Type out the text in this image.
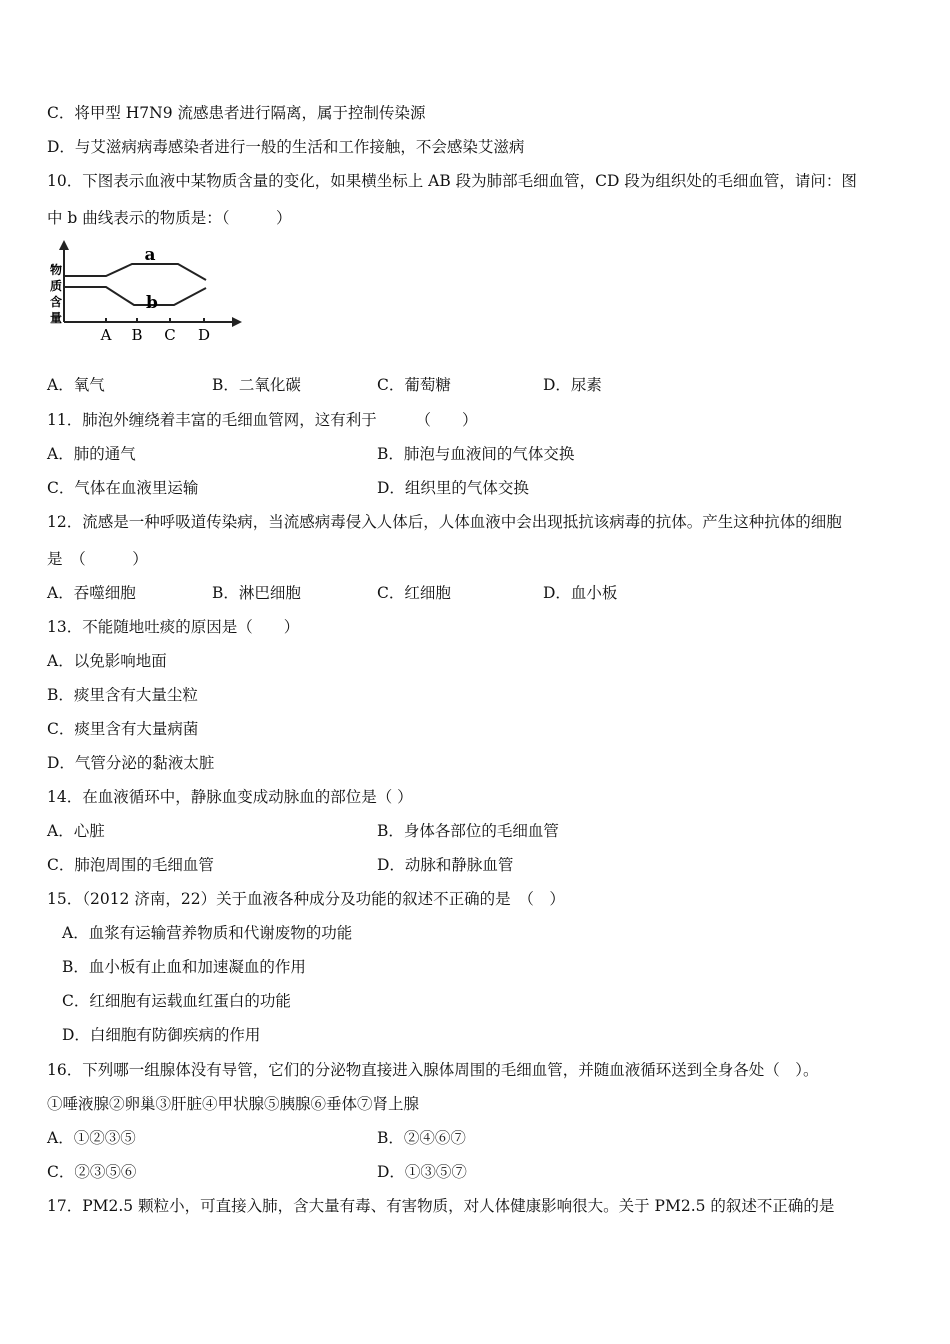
C．将甲型 H7N9 流感患者进行隔离，属于控制传染源
D．与艾滋病病毒感染者进行一般的生活和工作接触，不会感染艾滋病
10．下图表示血液中某物质含量的变化，如果横坐标上 AB 段为肺部毛细血管，CD 段为组织处的毛细血管，请问：图
中 b 曲线表示的物质是：（　　　）
物
质
含
量
a
b
A B C D
A．氧气	B．二氧化碳	C．葡萄糖	D．尿素
11．肺泡外缠绕着丰富的毛细血管网，这有利于　　　（　　）
A．肺的通气	B．肺泡与血液间的气体交换
C．气体在血液里运输	D．组织里的气体交换
12．流感是一种呼吸道传染病，当流感病毒侵入人体后，人体血液中会出现抵抗该病毒的抗体。产生这种抗体的细胞
是　（　　　）
A．吞噬细胞	B．淋巴细胞	C．红细胞	D．血小板
13．不能随地吐痰的原因是（　　）
A．以免影响地面
B．痰里含有大量尘粒
C．痰里含有大量病菌
D．气管分泌的黏液太脏
14．在血液循环中，静脉血变成动脉血的部位是（ ）
A．心脏	B．身体各部位的毛细血管
C．肺泡周围的毛细血管	D．动脉和静脉血管
15．（2012 济南，22）关于血液各种成分及功能的叙述不正确的是　（　）
A．血浆有运输营养物质和代谢废物的功能
B．血小板有止血和加速凝血的作用
C．红细胞有运载血红蛋白的功能
D．白细胞有防御疾病的作用
16．下列哪一组腺体没有导管，它们的分泌物直接进入腺体周围的毛细血管，并随血液循环送到全身各处（　）。
①唾液腺②卵巢③肝脏④甲状腺⑤胰腺⑥垂体⑦肾上腺
A．①②③⑤	B．②④⑥⑦
C．②③⑤⑥	D．①③⑤⑦
17．PM2.5 颗粒小，可直接入肺，含大量有毒、有害物质，对人体健康影响很大。关于 PM2.5 的叙述不正确的是
